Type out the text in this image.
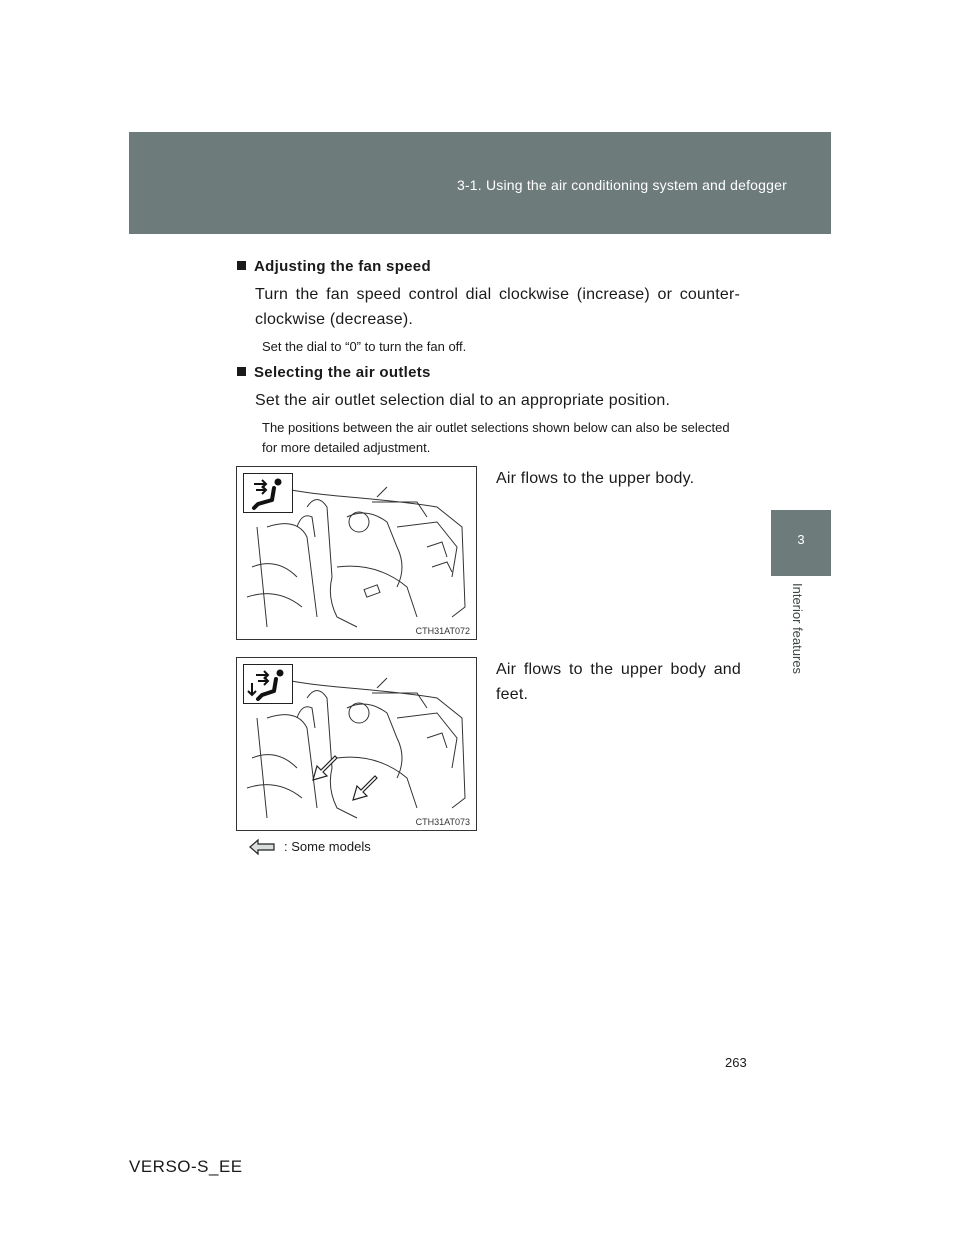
3-1. Using the air conditioning system and defogger
3
Interior features
Adjusting the fan speed
Turn the fan speed control dial clockwise (increase) or counter-clockwise (decrease).
Set the dial to “0” to turn the fan off.
Selecting the air outlets
Set the air outlet selection dial to an appropriate position.
The positions between the air outlet selections shown below can also be selected for more detailed adjustment.
CTH31AT072
Air flows to the upper body.
CTH31AT073
Air flows to the upper body and feet.
: Some models
263
VERSO-S_EE
